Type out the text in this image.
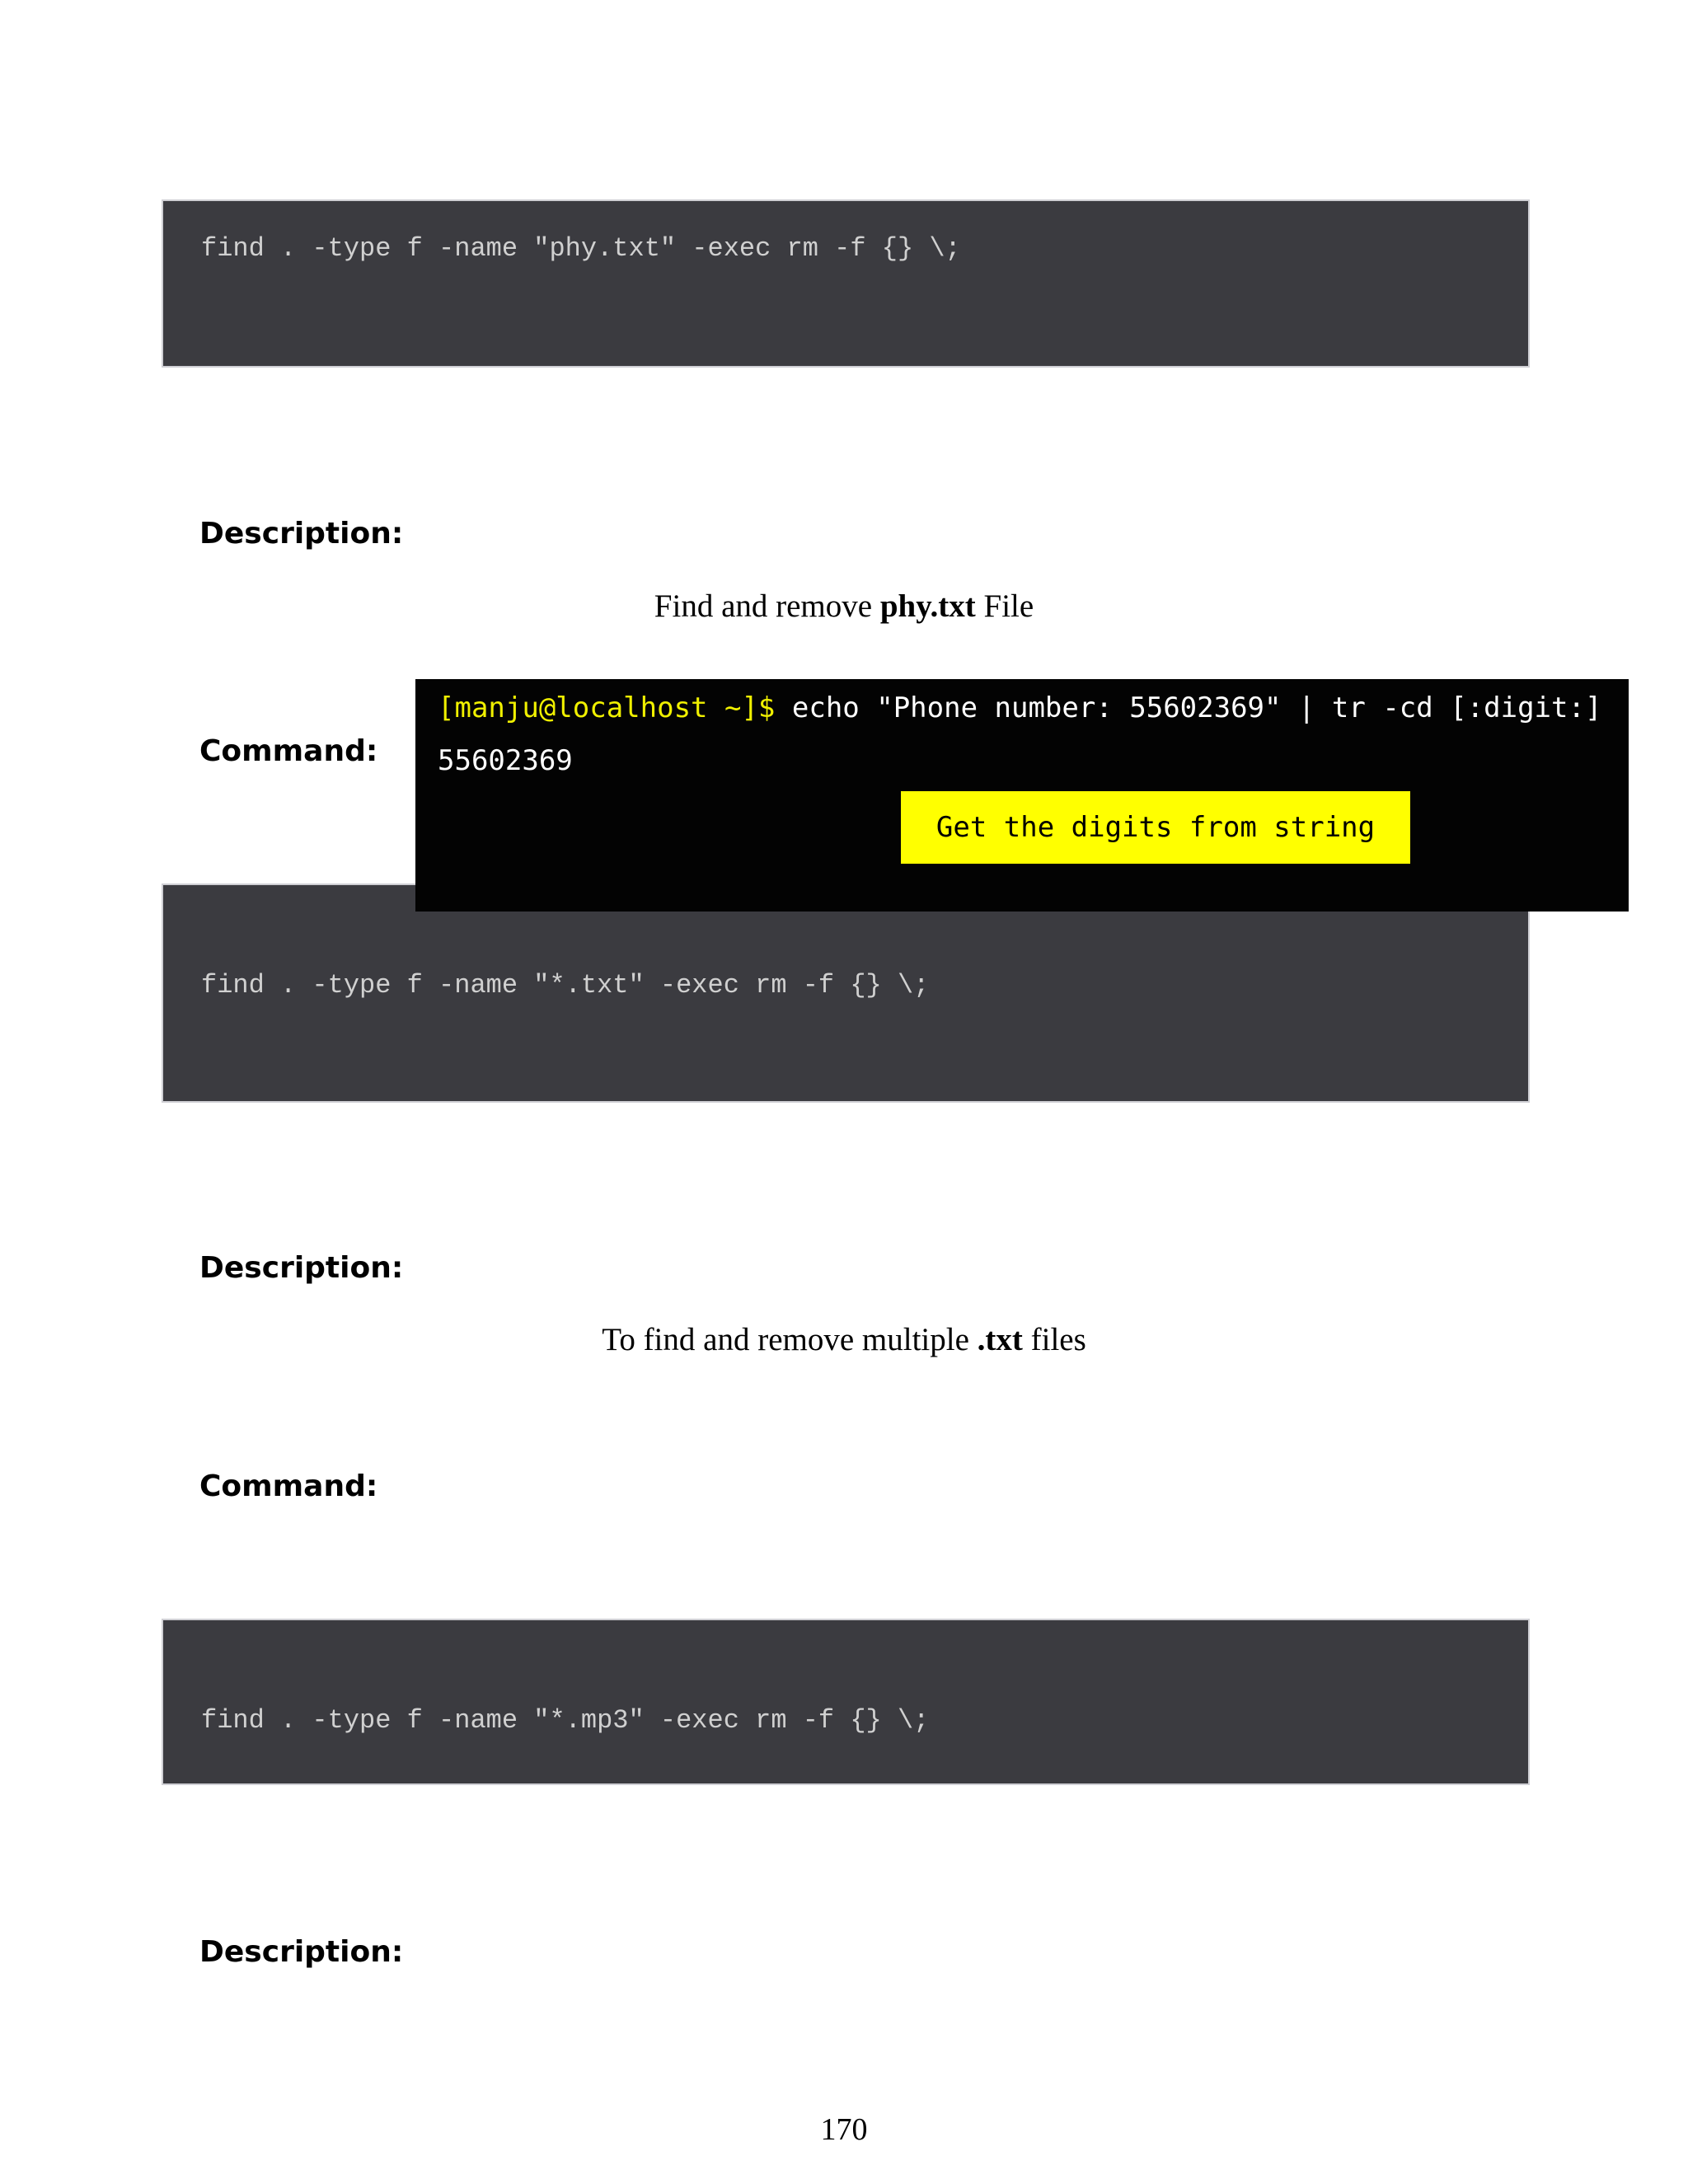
find . -type f -name "phy.txt" -exec rm -f {} \;
Description:
Find and remove phy.txt File
Command:
find . -type f -name "*.txt" -exec rm -f {} \;
[manju@localhost ~]$ echo "Phone number: 55602369" | tr -cd [:digit:]
55602369
Get the digits from string
Description:
To find and remove multiple .txt files
Command:
find . -type f -name "*.mp3" -exec rm -f {} \;
Description:
170
